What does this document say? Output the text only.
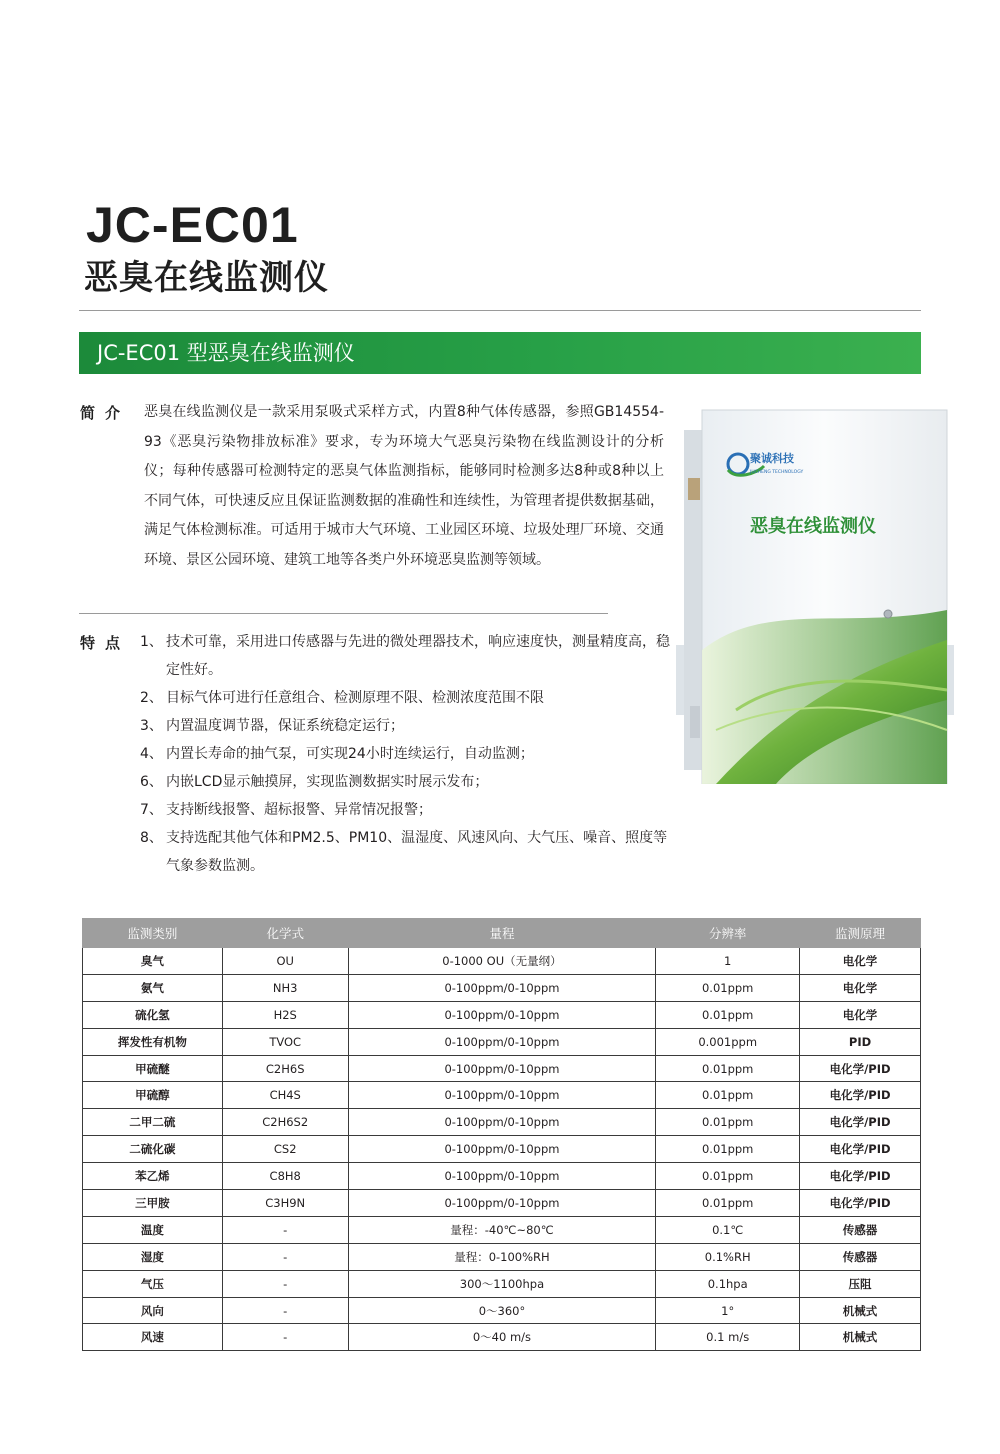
JC-EC01
恶臭在线监测仪
JC-EC01 型恶臭在线监测仪
简介 恶臭在线监测仪是一款采用泵吸式采样方式，内置8种气体传感器，参照GB14554-93《恶臭污染物排放标准》要求，专为环境大气恶臭污染物在线监测设计的分析仪；每种传感器可检测特定的恶臭气体监测指标，能够同时检测多达8种或8种以上不同气体，可快速反应且保证监测数据的准确性和连续性，为管理者提供数据基础，满足气体检测标准。可适用于城市大气环境、工业园区环境、垃圾处理厂环境、交通环境、景区公园环境、建筑工地等各类户外环境恶臭监测等领域。
特点 1、 技术可靠，采用进口传感器与先进的微处理器技术，响应速度快，测量精度高，稳定性好。
2、 目标气体可进行任意组合、检测原理不限、检测浓度范围不限
3、 内置温度调节器，保证系统稳定运行；
4、 内置长寿命的抽气泵，可实现24小时连续运行，自动监测；
6、 内嵌LCD显示触摸屏，实现监测数据实时展示发布；
7、 支持断线报警、超标报警、异常情况报警；
8、 支持选配其他气体和PM2.5、PM10、温湿度、风速风向、大气压、噪音、照度等气象参数监测。
聚诚科技
JUCHENG TECHNOLOGY
恶臭在线监测仪
监测类别	化学式	量程	分辨率	监测原理
臭气	OU	0-1000 OU（无量纲）	1	电化学
氨气	NH3	0-100ppm/0-10ppm	0.01ppm	电化学
硫化氢	H2S	0-100ppm/0-10ppm	0.01ppm	电化学
挥发性有机物	TVOC	0-100ppm/0-10ppm	0.001ppm	PID
甲硫醚	C2H6S	0-100ppm/0-10ppm	0.01ppm	电化学/PID
甲硫醇	CH4S	0-100ppm/0-10ppm	0.01ppm	电化学/PID
二甲二硫	C2H6S2	0-100ppm/0-10ppm	0.01ppm	电化学/PID
二硫化碳	CS2	0-100ppm/0-10ppm	0.01ppm	电化学/PID
苯乙烯	C8H8	0-100ppm/0-10ppm	0.01ppm	电化学/PID
三甲胺	C3H9N	0-100ppm/0-10ppm	0.01ppm	电化学/PID
温度	-	量程：-40℃~80℃	0.1℃	传感器
湿度	-	量程：0-100%RH	0.1%RH	传感器
气压	-	300～1100hpa	0.1hpa	压阻
风向	-	0～360°	1°	机械式
风速	-	0～40 m/s	0.1 m/s	机械式
